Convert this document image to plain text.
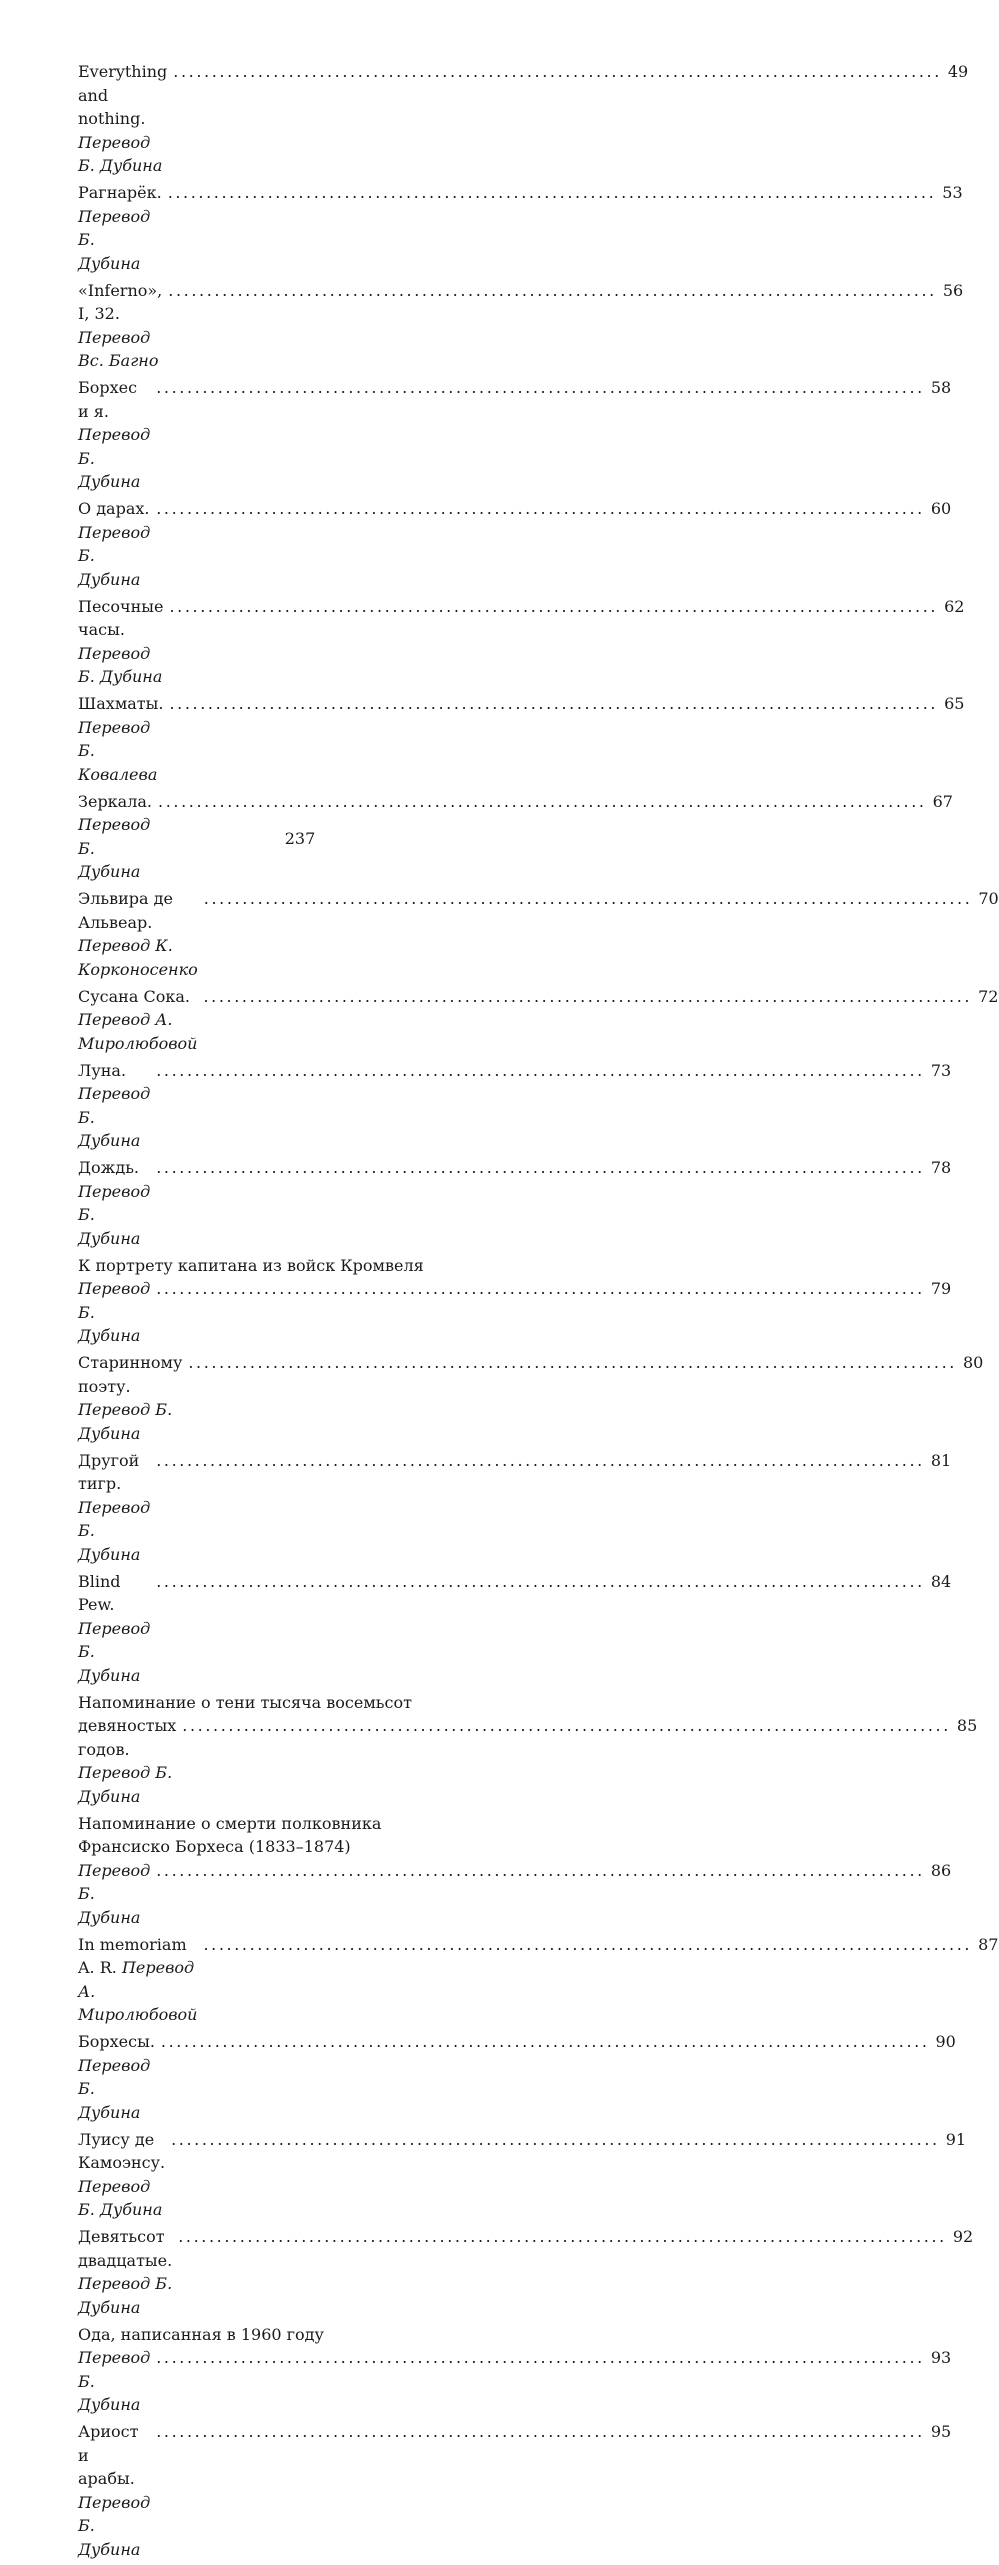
Everything and nothing. Перевод Б. Дубина
.................................................................................................... 49
Рагнарёк. Перевод Б. Дубина
.................................................................................................... 53
«Inferno», I, 32. Перевод Вс. Багно
.................................................................................................... 56
Борхес и я. Перевод Б. Дубина
.................................................................................................... 58
О дарах. Перевод Б. Дубина
.................................................................................................... 60
Песочные часы. Перевод Б. Дубина
.................................................................................................... 62
Шахматы. Перевод Б. Ковалева
.................................................................................................... 65
Зеркала. Перевод Б. Дубина
.................................................................................................... 67
Эльвира де Альвеар. Перевод К. Корконосенко
.................................................................................................... 70
Сусана Сока. Перевод А. Миролюбовой
.................................................................................................... 72
Луна. Перевод Б. Дубина
.................................................................................................... 73
Дождь. Перевод Б. Дубина
.................................................................................................... 78
К портрету капитана из войск Кромвеля
Перевод Б. Дубина
.................................................................................................... 79
Старинному поэту. Перевод Б. Дубина
.................................................................................................... 80
Другой тигр. Перевод Б. Дубина
.................................................................................................... 81
Blind Pew. Перевод Б. Дубина
.................................................................................................... 84
Напоминание о тени тысяча восемьсот
девяностых годов. Перевод Б. Дубина
.................................................................................................... 85
Напоминание о смерти полковника
Франсиско Борхеса (1833–1874)
Перевод Б. Дубина
.................................................................................................... 86
In memoriam A. R. Перевод А. Миролюбовой
.................................................................................................... 87
Борхесы. Перевод Б. Дубина
.................................................................................................... 90
Луису де Камоэнсу. Перевод Б. Дубина
.................................................................................................... 91
Девятьсот двадцатые. Перевод Б. Дубина
.................................................................................................... 92
Ода, написанная в 1960 году
Перевод Б. Дубина
.................................................................................................... 93
Ариост и арабы. Перевод Б. Дубина
.................................................................................................... 95
237
